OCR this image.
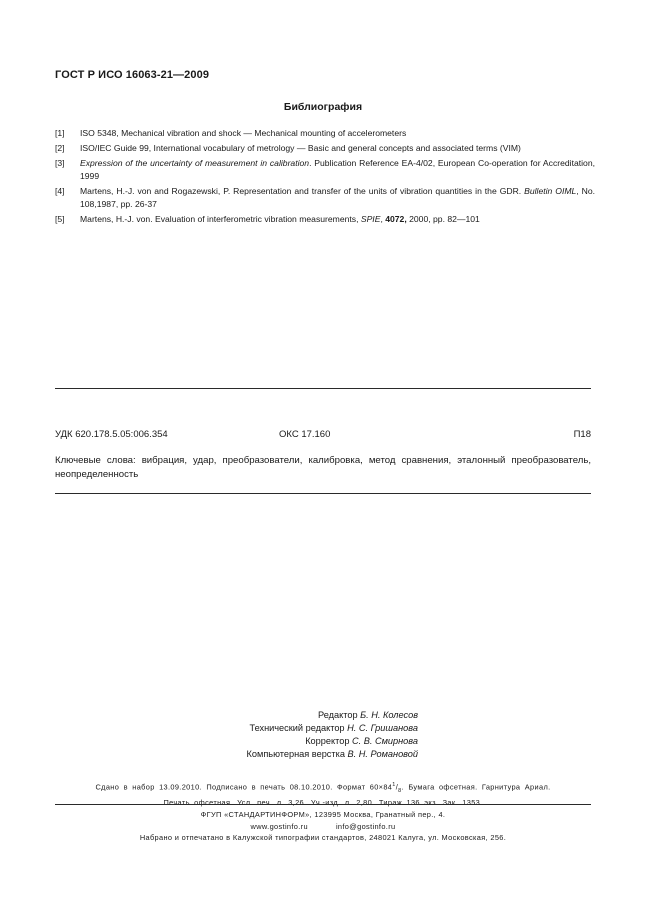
ГОСТ Р ИСО 16063-21—2009
Библиография
[1]	ISO 5348, Mechanical vibration and shock — Mechanical mounting of accelerometers
[2]	ISO/IEC Guide 99, International vocabulary of metrology — Basic and general concepts and associated terms (VIM)
[3]	Expression of the uncertainty of measurement in calibration. Publication Reference EA-4/02, European Co-operation for Accreditation, 1999
[4]	Martens, H.-J. von and Rogazewski, P. Representation and transfer of the units of vibration quantities in the GDR. Bulletin OIML, No. 108,1987, pp. 26-37
[5]	Martens, H.-J. von. Evaluation of interferometric vibration measurements, SPIE, 4072, 2000, pp. 82—101
УДК 620.178.5.05:006.354	ОКС 17.160	П18
Ключевые слова: вибрация, удар, преобразователи, калибровка, метод сравнения, эталонный преобразователь, неопределенность
Редактор Б. Н. Колесов
Технический редактор Н. С. Гришанова
Корректор С. В. Смирнова
Компьютерная верстка В. Н. Романовой
Сдано в набор 13.09.2010. Подписано в печать 08.10.2010. Формат $60\times 84^1/_8$. Бумага офсетная. Гарнитура Ариал.
Печать офсетная. Усл. печ. л. 3,26. Уч.-изд. л. 2,80. Тираж 136 экз. Зак. 1353.
ФГУП «СТАНДАРТИНФОРМ», 123995 Москва, Гранатный пер., 4.
www.gostinfo.ru	info@gostinfo.ru
Набрано и отпечатано в Калужской типографии стандартов, 248021 Калуга, ул. Московская, 256.
